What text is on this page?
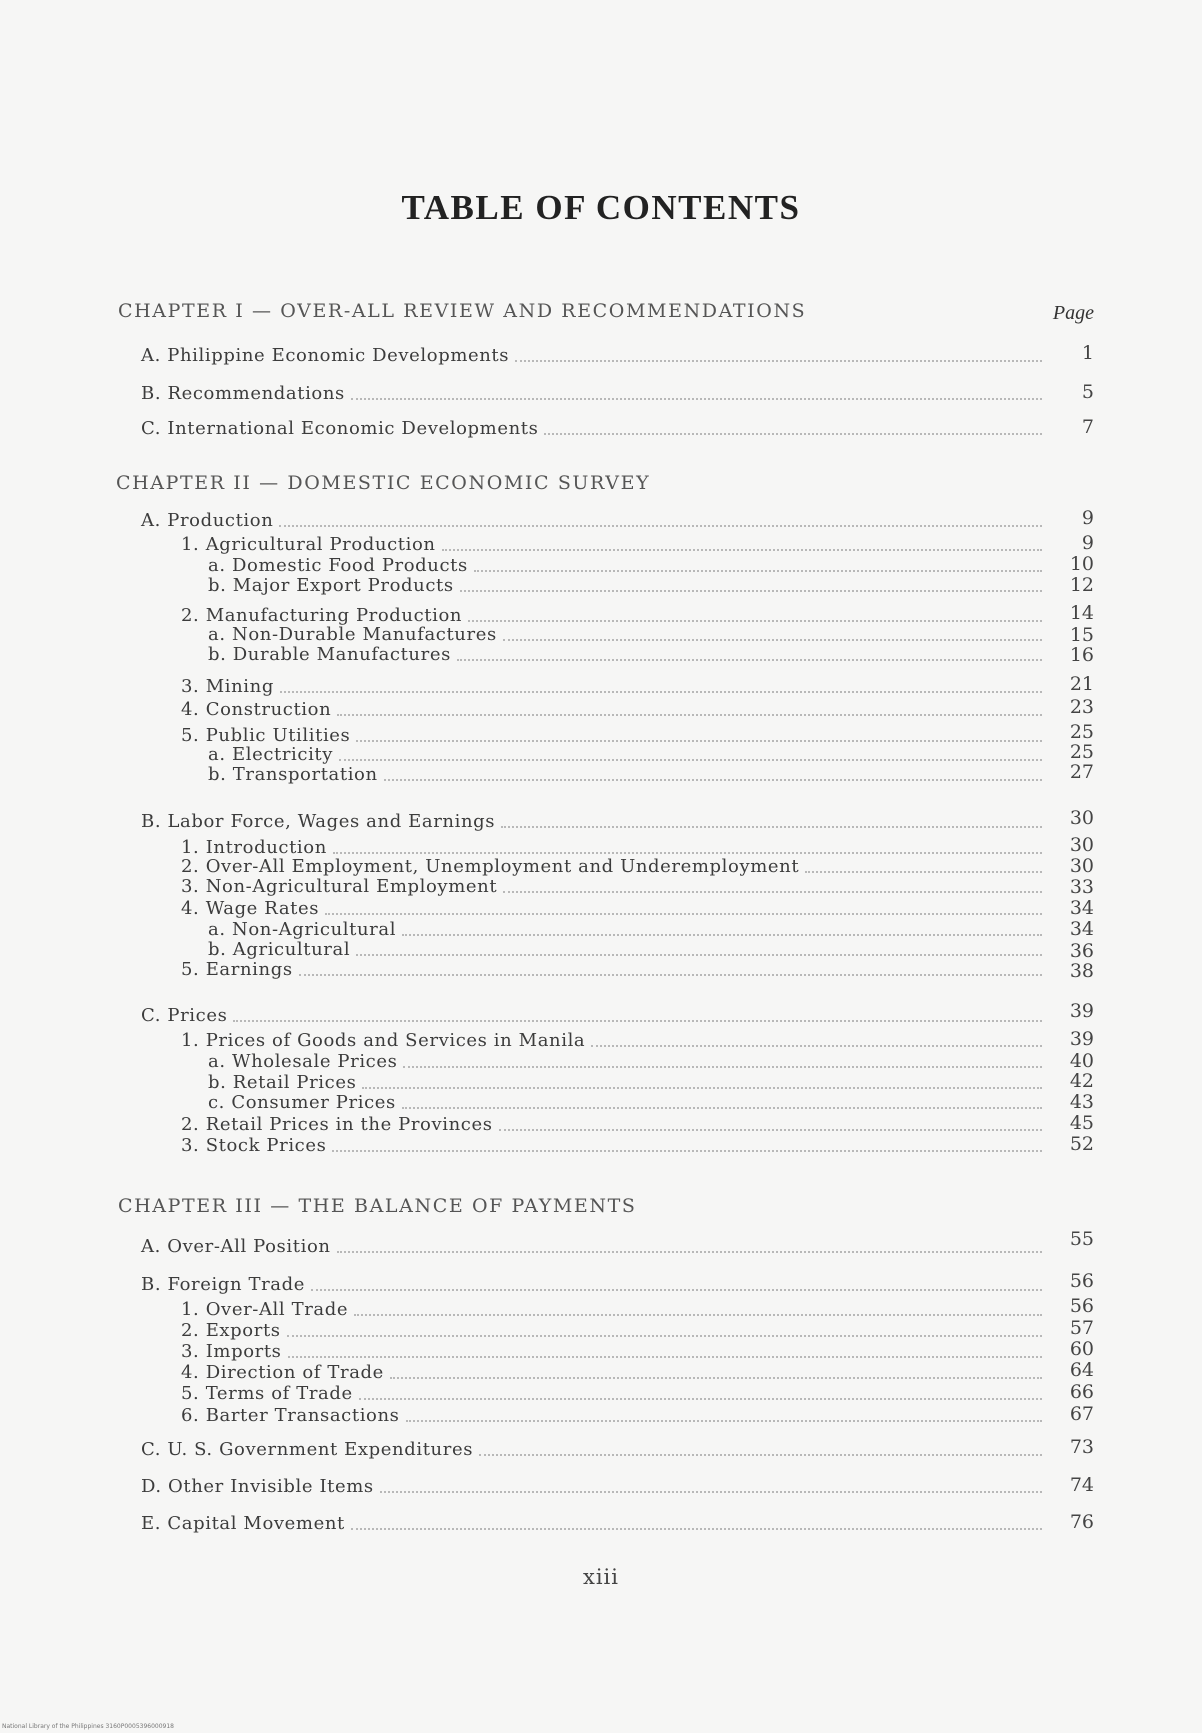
TABLE OF CONTENTS
Page
CHAPTER I — OVER-ALL REVIEW AND RECOMMENDATIONS
A. Philippine Economic Developments	1
B. Recommendations	5
C. International Economic Developments	7
CHAPTER II — DOMESTIC ECONOMIC SURVEY
A. Production	9
1. Agricultural Production	9
a. Domestic Food Products	10
b. Major Export Products	12
2. Manufacturing Production	14
a. Non-Durable Manufactures	15
b. Durable Manufactures	16
3. Mining	21
4. Construction	23
5. Public Utilities	25
a. Electricity	25
b. Transportation	27
B. Labor Force, Wages and Earnings	30
1. Introduction	30
2. Over-All Employment, Unemployment and Underemployment	30
3. Non-Agricultural Employment	33
4. Wage Rates	34
a. Non-Agricultural	34
b. Agricultural	36
5. Earnings	38
C. Prices	39
1. Prices of Goods and Services in Manila	39
a. Wholesale Prices	40
b. Retail Prices	42
c. Consumer Prices	43
2. Retail Prices in the Provinces	45
3. Stock Prices	52
CHAPTER III — THE BALANCE OF PAYMENTS
A. Over-All Position	55
B. Foreign Trade	56
1. Over-All Trade	56
2. Exports	57
3. Imports	60
4. Direction of Trade	64
5. Terms of Trade	66
6. Barter Transactions	67
C. U. S. Government Expenditures	73
D. Other Invisible Items	74
E. Capital Movement	76
xiii
National Library of the Philippines 3160P0005396000918
